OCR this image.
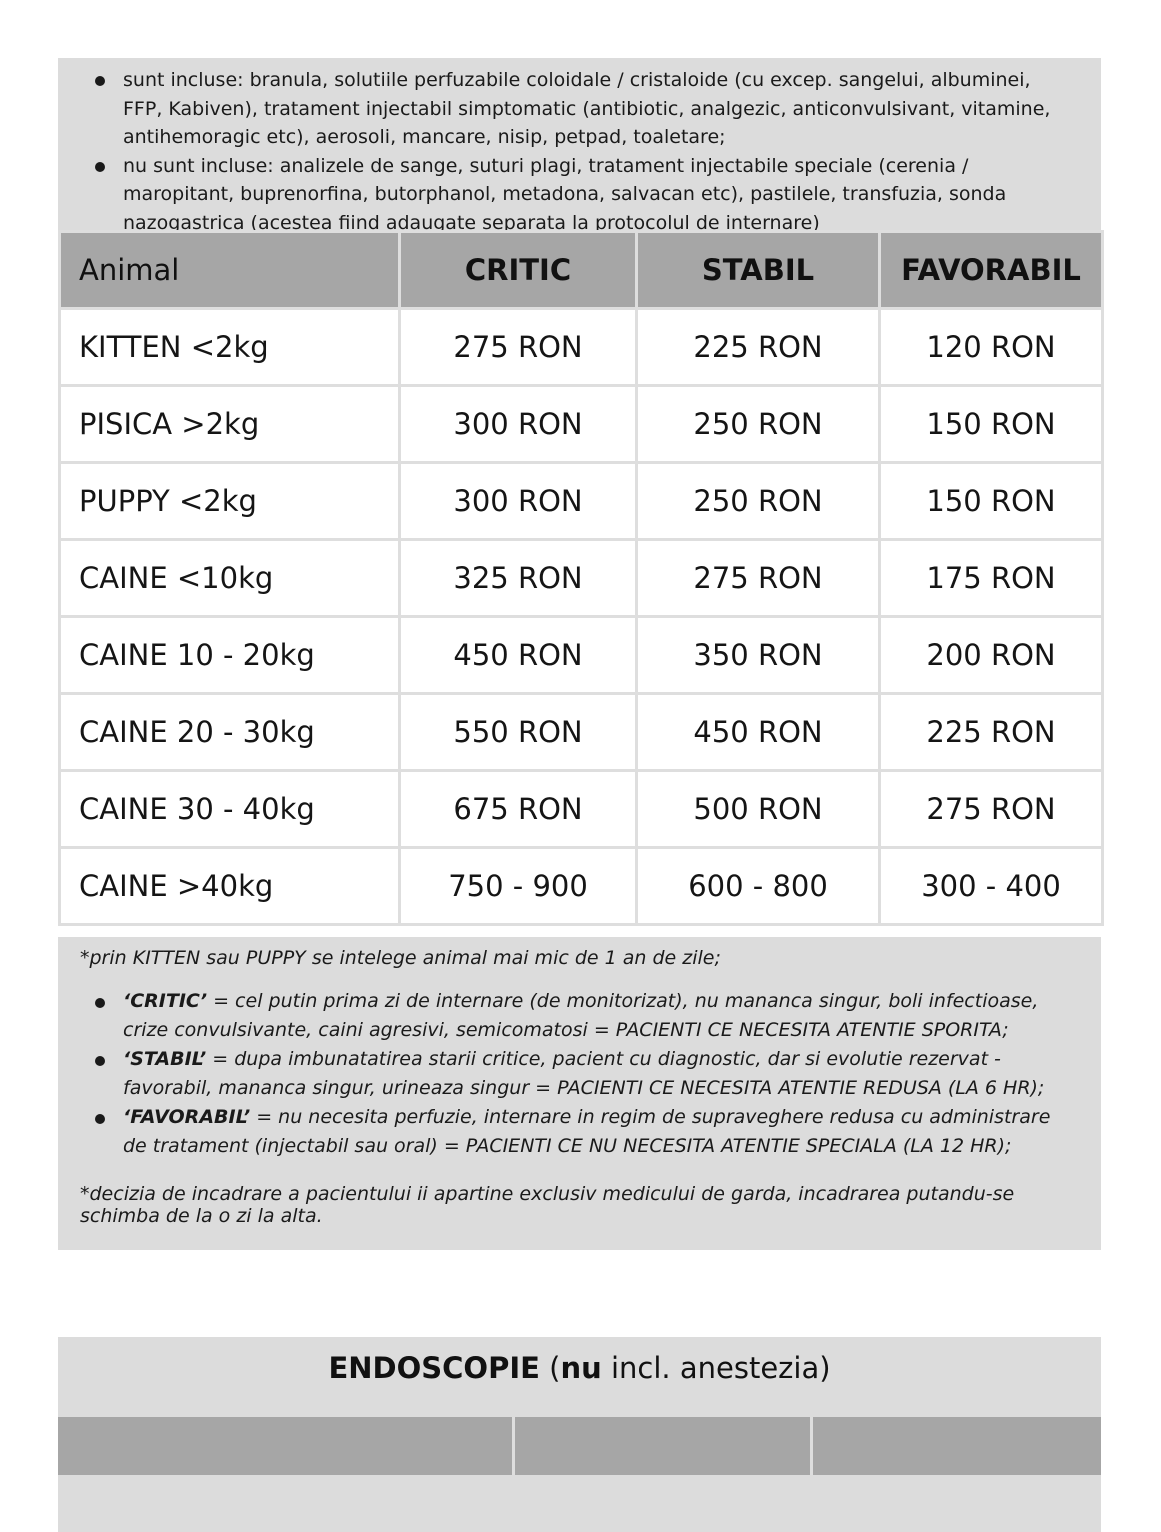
sunt incluse: branula, solutiile perfuzabile coloidale / cristaloide (cu excep. sangelui, albuminei, FFP, Kabiven), tratament injectabil simptomatic (antibiotic, analgezic, anticonvulsivant, vitamine, antihemoragic etc), aerosoli, mancare, nisip, petpad, toaletare;
nu sunt incluse: analizele de sange, suturi plagi, tratament injectabile speciale (cerenia / maropitant, buprenorfina, butorphanol, metadona, salvacan etc), pastilele, transfuzia, sonda nazogastrica (acestea fiind adaugate separata la protocolul de internare)
Animal	CRITIC	STABIL	FAVORABIL
KITTEN <2kg	275 RON	225 RON	120 RON
PISICA >2kg	300 RON	250 RON	150 RON
PUPPY <2kg	300 RON	250 RON	150 RON
CAINE <10kg	325 RON	275 RON	175 RON
CAINE 10 - 20kg	450 RON	350 RON	200 RON
CAINE 20 - 30kg	550 RON	450 RON	225 RON
CAINE 30 - 40kg	675 RON	500 RON	275 RON
CAINE >40kg	750 - 900	600 - 800	300 - 400
*prin KITTEN sau PUPPY se intelege animal mai mic de 1 an de zile;
‘CRITIC’ = cel putin prima zi de internare (de monitorizat), nu mananca singur, boli infectioase, crize convulsivante, caini agresivi, semicomatosi = PACIENTI CE NECESITA ATENTIE SPORITA;
‘STABIL’ = dupa imbunatatirea starii critice, pacient cu diagnostic, dar si evolutie rezervat - favorabil, mananca singur, urineaza singur = PACIENTI CE NECESITA ATENTIE REDUSA (LA 6 HR);
‘FAVORABIL’ = nu necesita perfuzie, internare in regim de supraveghere redusa cu administrare de tratament (injectabil sau oral) = PACIENTI CE NU NECESITA ATENTIE SPECIALA (LA 12 HR);
*decizia de incadrare a pacientului ii apartine exclusiv medicului de garda, incadrarea putandu-se schimba de la o zi la alta.
ENDOSCOPIE (nu incl. anestezia)
